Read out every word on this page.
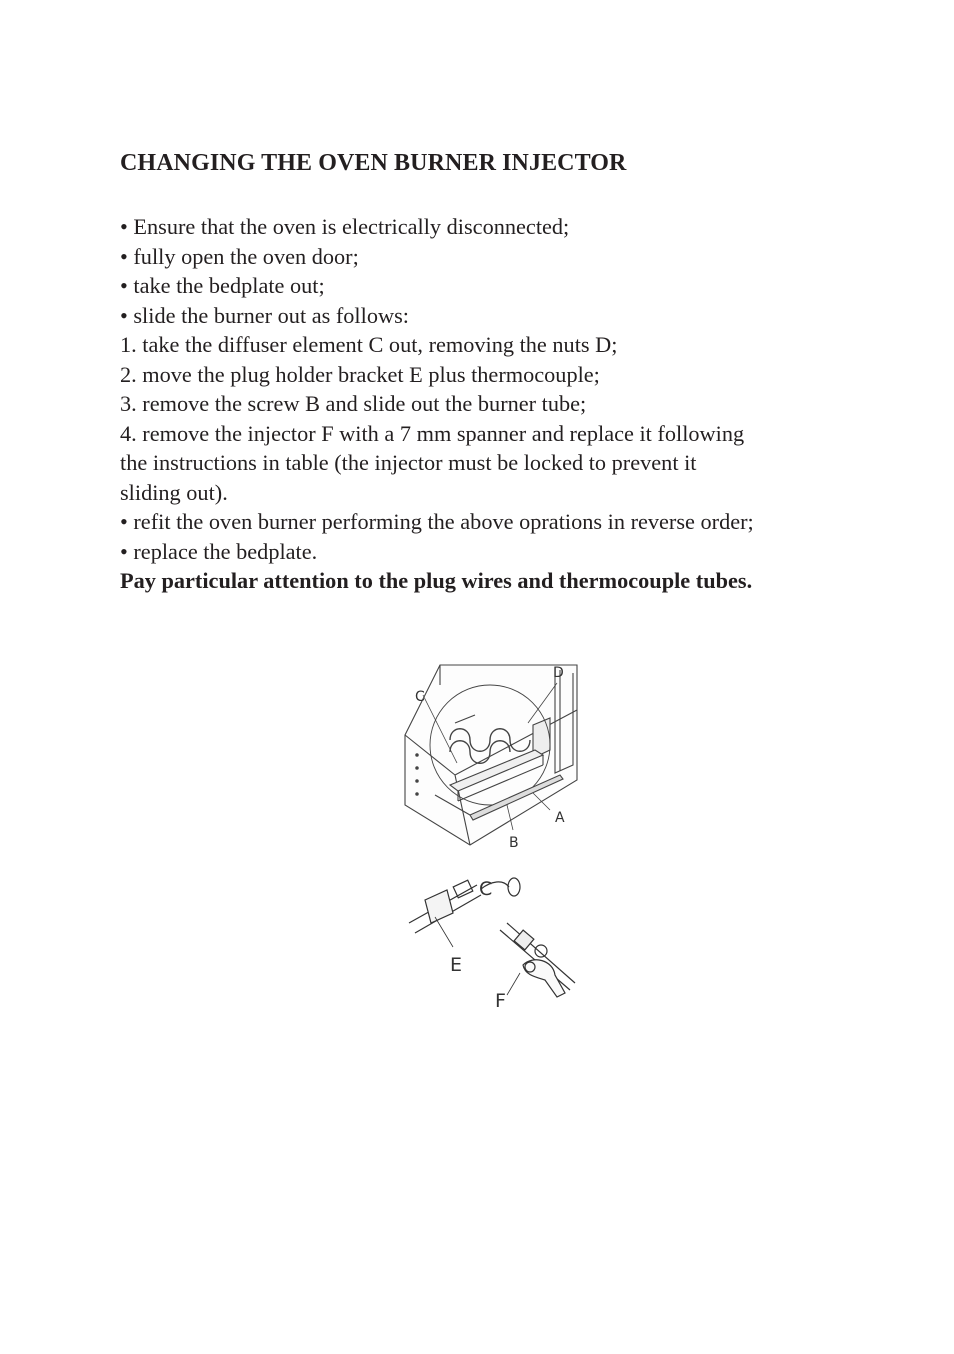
CHANGING THE OVEN BURNER INJECTOR
• Ensure that the oven is electrically disconnected;
• fully open the oven door;
• take the bedplate out;
• slide the burner out as follows:
1. take the diffuser element C out, removing the nuts D;
2. move the plug holder bracket E plus thermocouple;
3. remove the screw B and slide out the burner tube;
4. remove the injector F with a 7 mm spanner and replace it following
the instructions in table (the injector must be locked to prevent it
sliding out).
• refit the oven burner performing the above oprations in reverse order;
• replace the bedplate.
Pay particular attention to the plug wires and thermocouple tubes.
C
D
A
B
C
E
F
